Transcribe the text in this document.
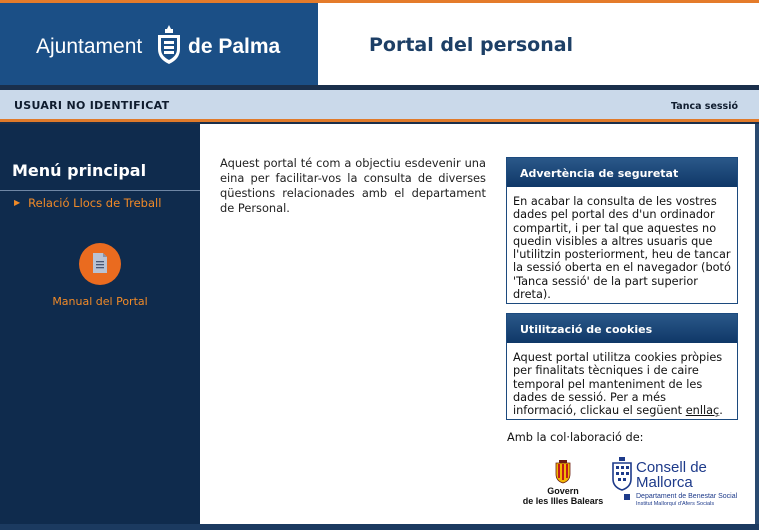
Ajuntament de Palma	Portal del personal
USUARI NO IDENTIFICAT	Tanca sessió
Menú principal
▶ Relació Llocs de Treball
Manual del Portal

Aquest portal té com a objectiu esdevenir una eina per facilitar-vos la consulta de diverses qüestions relacionades amb el departament de Personal.

Advertència de seguretat
En acabar la consulta de les vostres dades pel portal des d'un ordinador compartit, i per tal que aquestes no quedin visibles a altres usuaris que l'utilitzin posteriorment, heu de tancar la sessió oberta en el navegador (botó 'Tanca sessió' de la part superior dreta).
Utilització de cookies
Aquest portal utilitza cookies pròpies per finalitats tècniques i de caire temporal pel manteniment de les dades de sessió. Per a més informació, clickau el següent enllaç.
Amb la col·laboració de:
Govern
de les Illes Balears
Consell de
Mallorca
Departament de Benestar Social
Institut Mallorquí d'Afers Socials
